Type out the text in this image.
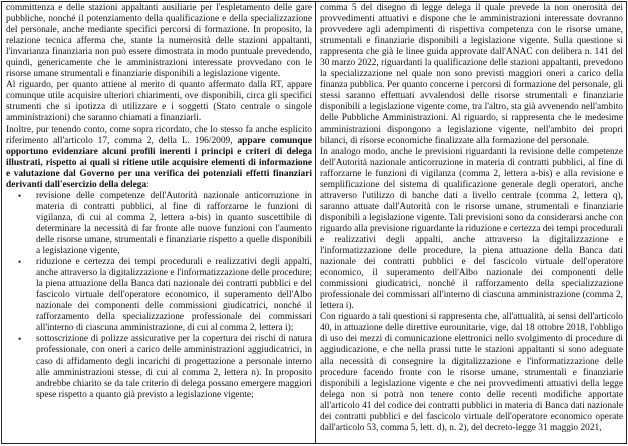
committenza e delle stazioni appaltanti ausiliarie per l'espletamento delle gare pubbliche, nonché il potenziamento della qualificazione e della specializzazione del personale, anche mediante specifici percorsi di formazione. In proposito, la relazione tecnica afferma che, stante la numerosità delle stazioni appaltanti, l'invarianza finanziaria non può essere dimostrata in modo puntuale prevedendo, quindi, genericamente che le amministrazioni interessate provvedano con le risorse umane strumentali e finanziarie disponibili a legislazione vigente.

Al riguardo, per quanto attiene al merito di quanto affermato dalla RT, appare comunque utile acquisire ulteriori chiarimenti, ove disponibili, circa gli specifici strumenti che si ipotizza di utilizzare e i soggetti (Stato centrale o singole amministrazioni) che saranno chiamati a finanziarli.

Inoltre, pur tenendo conto, come sopra ricordato, che lo stesso fa anche esplicito riferimento all'articolo 17, comma 2, della L. 196/2009, appare comunque opportuno evidenziare alcuni profili inerenti i principi e criteri di delega illustrati, rispetto ai quali si ritiene utile acquisire elementi di informazione e valutazione dal Governo per una verifica dei potenziali effetti finanziari derivanti dall'esercizio della delega:

• revisione delle competenze dell'Autorità nazionale anticorruzione in materia di contratti pubblici, al fine di rafforzarne le funzioni di vigilanza, di cui al comma 2, lettera a-bis) in quanto suscettibile di determinare la necessità di far fronte alle nuove funzioni con l'aumento delle risorse umane, strumentali e finanziarie rispetto a quelle disponibili a legislazione vigente,
• riduzione e certezza dei tempi procedurali e realizzativi degli appalti, anche attraverso la digitalizzazione e l'informatizzazione delle procedure; la piena attuazione della Banca dati nazionale dei contratti pubblici e del fascicolo virtuale dell'operatore economico, il superamento dell'Albo nazionale dei componenti delle commissioni giudicatrici, nonché il rafforzamento della specializzazione professionale dei commissari all'interno di ciascuna amministrazione, di cui al comma 2, lettera i);
• sottoscrizione di polizze assicurative per la copertura dei rischi di natura professionale, con oneri a carico delle amministrazioni aggiudicatrici, in caso di affidamento degli incarichi di progettazione a personale interno alle amministrazioni stesse, di cui al comma 2, lettera n). In proposito andrebbe chiarito se da tale criterio di delega possano emergere maggiori spese rispetto a quanto già previsto a legislazione vigente;

comma 5 del disegno di legge delega il quale prevede la non onerosità dei provvedimenti attuativi e dispone che le amministrazioni interessate dovranno provvedere agli adempimenti di rispettiva competenza con le risorse umane, strumentali e finanziarie disponibili a legislazione vigente. Sulla questione si rappresenta che già le linee guida approvate dall'ANAC con delibera n. 141 del 30 marzo 2022, riguardanti la qualificazione delle stazioni appaltanti, prevedono la specializzazione nel quale non sono previsti maggiori oneri a carico della finanza pubblica. Per quanto concerne i percorsi di formazione del personale, gli stessi saranno effettuati avvalendosi delle risorse strumentali e finanziarie disponibili a legislazione vigente come, tra l'altro, sta già avvenendo nell'ambito delle Pubbliche Amministrazioni. Al riguardo, si rappresenta che le medesime amministrazioni dispongono a legislazione vigente, nell'ambito dei propri bilanci, di risorse economiche finalizzate alla formazione del personale.

In analogo modo, anche le previsioni riguardanti la revisione delle competenze dell'Autorità nazionale anticorruzione in materia di contratti pubblici, al fine di rafforzarne le funzioni di vigilanza (comma 2, lettera a-bis) e alla revisione e semplificazione del sistema di qualificazione generale degli operatori, anche attraverso l'utilizzo di banche dati a livello centrale (comma 2, lettera q), saranno attuate dall'Autorità con le risorse umane, strumentali e finanziarie disponibili a legislazione vigente. Tali previsioni sono da considerarsi anche con riguardo alla previsione riguardante la riduzione e certezza dei tempi procedurali e realizzativi degli appalti, anche attraverso la digitalizzazione e l'informatizzazione delle procedure, la piena attuazione della Banca dati nazionale dei contratti pubblici e del fascicolo virtuale dell'operatore economico, il superamento dell'Albo nazionale dei componenti delle commissioni giudicatrici, nonché il rafforzamento della specializzazione professionale dei commissari all'interno di ciascuna amministrazione (comma 2, lettera i).

Con riguardo a tali questioni si rappresenta che, all'attualità, ai sensi dell'articolo 40, in attuazione delle direttive eurounitarie, vige, dal 18 ottobre 2018, l'obbligo di uso dei mezzi di comunicazione elettronici nello svolgimento di procedure di aggiudicazione, e che nella prassi tutte le stazioni appaltanti si sono adeguate alla necessità di consegnire la digitalizzazione e l'informatizzazione delle procedure facendo fronte con le risorse umane, strumentali e finanziarie disponibili a legislazione vigente e che nei provvedimenti attuativi della legge delega non si potrà non tenere conto delle recenti modifiche apportate all'articolo 41 del codice dei contratti pubblici in materia di Banca dati nazionale dei contratti pubblici e del fascicolo virtuale dell'operatore economico operate dall'articolo 53, comma 5, lett. d), n. 2), del decreto-legge 31 maggio 2021,
